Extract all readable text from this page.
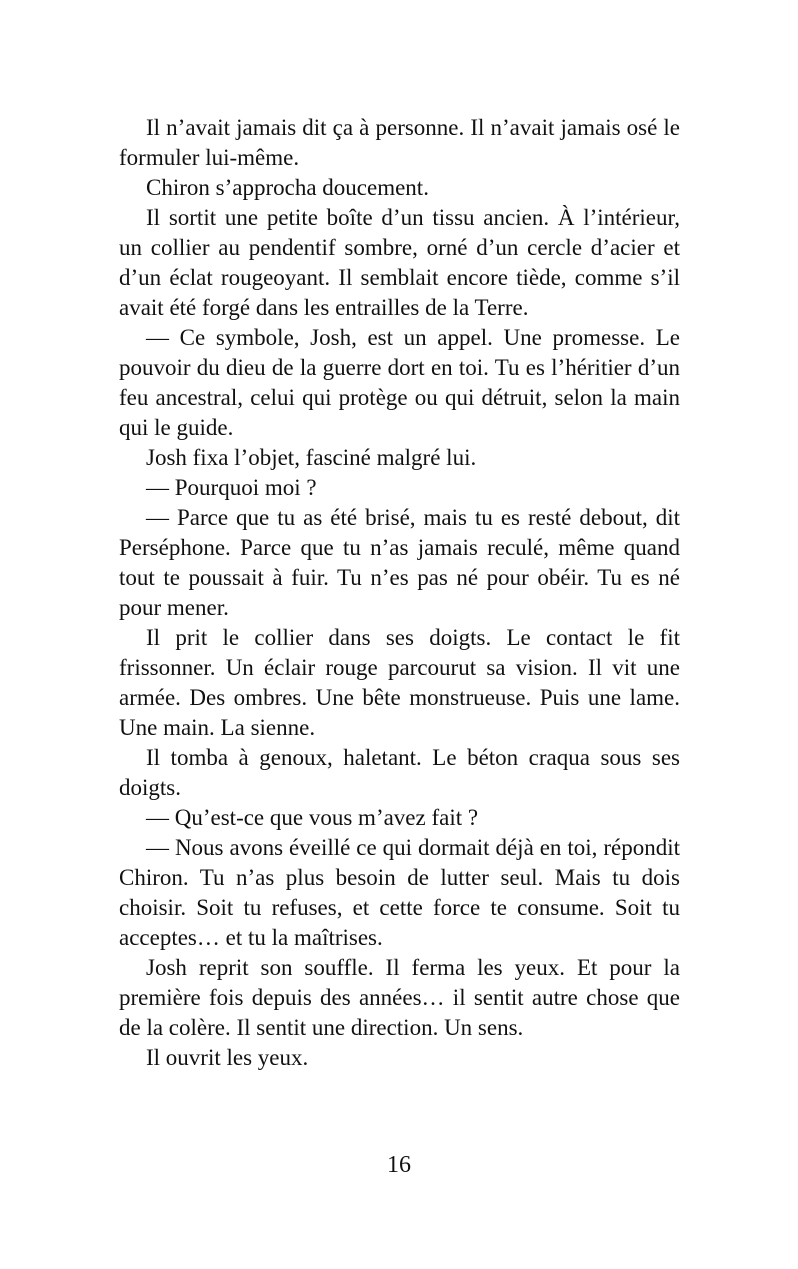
Il n’avait jamais dit ça à personne. Il n’avait jamais osé le formuler lui-même.

Chiron s’approcha doucement.

Il sortit une petite boîte d’un tissu ancien. À l’intérieur, un collier au pendentif sombre, orné d’un cercle d’acier et d’un éclat rougeoyant. Il semblait encore tiède, comme s’il avait été forgé dans les entrailles de la Terre.

— Ce symbole, Josh, est un appel. Une promesse. Le pouvoir du dieu de la guerre dort en toi. Tu es l’héritier d’un feu ancestral, celui qui protège ou qui détruit, selon la main qui le guide.

Josh fixa l’objet, fasciné malgré lui.

— Pourquoi moi ?

— Parce que tu as été brisé, mais tu es resté debout, dit Perséphone. Parce que tu n’as jamais reculé, même quand tout te poussait à fuir. Tu n’es pas né pour obéir. Tu es né pour mener.

Il prit le collier dans ses doigts. Le contact le fit frissonner. Un éclair rouge parcourut sa vision. Il vit une armée. Des ombres. Une bête monstrueuse. Puis une lame. Une main. La sienne.

Il tomba à genoux, haletant. Le béton craqua sous ses doigts.

— Qu’est-ce que vous m’avez fait ?

— Nous avons éveillé ce qui dormait déjà en toi, répondit Chiron. Tu n’as plus besoin de lutter seul. Mais tu dois choisir. Soit tu refuses, et cette force te consume. Soit tu acceptes… et tu la maîtrises.

Josh reprit son souffle. Il ferma les yeux. Et pour la première fois depuis des années… il sentit autre chose que de la colère. Il sentit une direction. Un sens.

Il ouvrit les yeux.

16
